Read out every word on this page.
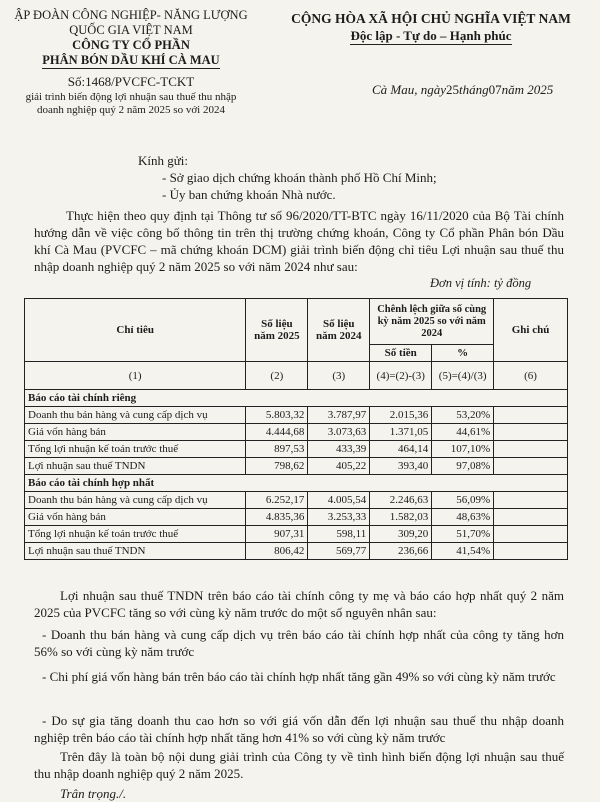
ẬP ĐOÀN CÔNG NGHIỆP- NĂNG LƯỢNG
QUỐC GIA VIỆT NAM
CÔNG TY CỔ PHẦN
PHÂN BÓN DẦU KHÍ CÀ MAU
Số:1468/PVCFC-TCKT
giải trình biến động lợi nhuận sau thuế thu nhập
doanh nghiệp quý 2 năm 2025 so với 2024
CỘNG HÒA XÃ HỘI CHỦ NGHĨA VIỆT NAM
Độc lập - Tự do – Hạnh phúc
Cà Mau, ngày25tháng07năm 2025
Kính gửi:
- Sở giao dịch chứng khoán thành phố Hồ Chí Minh;
- Ủy ban chứng khoán Nhà nước.
Thực hiện theo quy định tại Thông tư số 96/2020/TT-BTC ngày 16/11/2020 của Bộ Tài chính hướng dẫn về việc công bố thông tin trên thị trường chứng khoán, Công ty Cổ phần Phân bón Dầu khí Cà Mau (PVCFC – mã chứng khoán DCM) giải trình biến động chỉ tiêu Lợi nhuận sau thuế thu nhập doanh nghiệp quý 2 năm 2025 so với năm 2024 như sau:
Đơn vị tính: tỷ đồng
Chỉ tiêu	Số liệu năm 2025	Số liệu năm 2024	Chênh lệch giữa số cùng kỳ năm 2025 so với năm 2024		Ghi chú
			Số tiền	%	
(1)	(2)	(3)	(4)=(2)-(3)	(5)=(4)/(3)	(6)
Báo cáo tài chính riêng					
Doanh thu bán hàng và cung cấp dịch vụ	5.803,32	3.787,97	2.015,36	53,20%	
Giá vốn hàng bán	4.444,68	3.073,63	1.371,05	44,61%	
Tổng lợi nhuận kế toán trước thuế	897,53	433,39	464,14	107,10%	
Lợi nhuận sau thuế TNDN	798,62	405,22	393,40	97,08%	
Báo cáo tài chính hợp nhất					
Doanh thu bán hàng và cung cấp dịch vụ	6.252,17	4.005,54	2.246,63	56,09%	
Giá vốn hàng bán	4.835,36	3.253,33	1.582,03	48,63%	
Tổng lợi nhuận kế toán trước thuế	907,31	598,11	309,20	51,70%	
Lợi nhuận sau thuế TNDN	806,42	569,77	236,66	41,54%	
Lợi nhuận sau thuế TNDN trên báo cáo tài chính công ty mẹ và báo cáo hợp nhất quý 2 năm 2025 của PVCFC tăng so với cùng kỳ năm trước do một số nguyên nhân sau:
- Doanh thu bán hàng và cung cấp dịch vụ trên báo cáo tài chính hợp nhất của công ty tăng hơn 56% so với cùng kỳ năm trước
- Chi phí giá vốn hàng bán trên báo cáo tài chính hợp nhất tăng gần 49% so với cùng kỳ năm trước
- Do sự gia tăng doanh thu cao hơn so với giá vốn dẫn đến lợi nhuận sau thuế thu nhập doanh nghiệp trên báo cáo tài chính hợp nhất tăng hơn 41% so với cùng kỳ năm trước
Trên đây là toàn bộ nội dung giải trình của Công ty về tình hình biến động lợi nhuận sau thuế thu nhập doanh nghiệp quý 2 năm 2025.
Trân trọng./.
